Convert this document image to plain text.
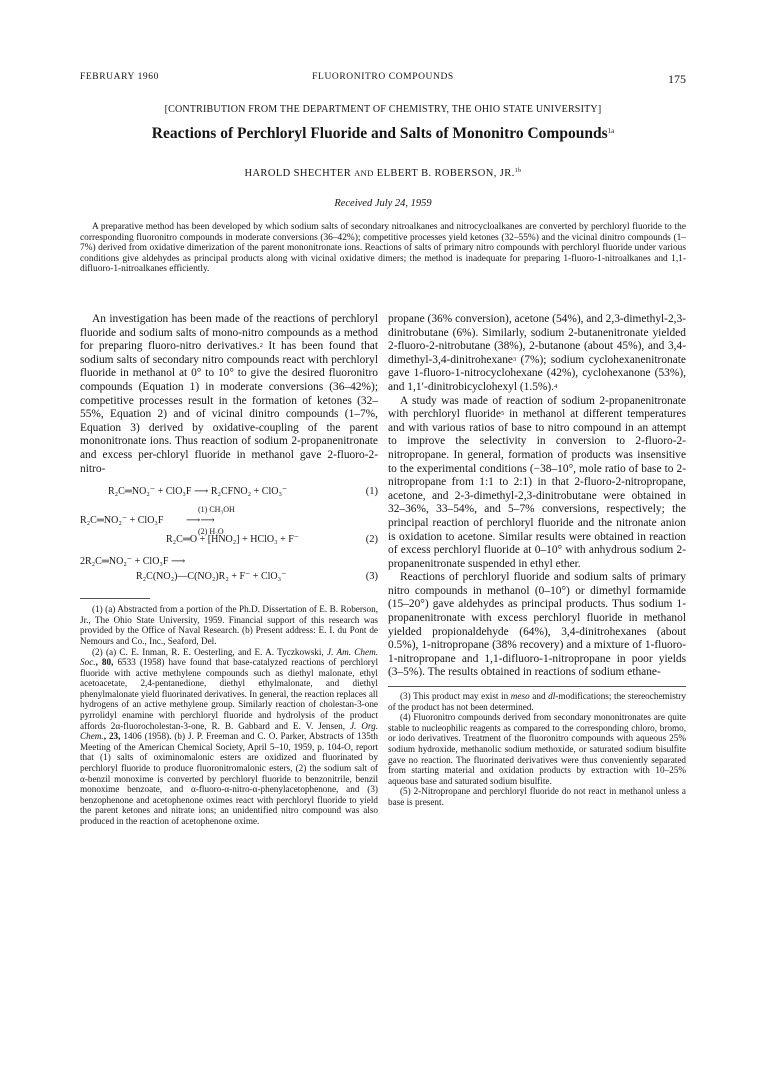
FEBRUARY 1960	FLUORONITRO COMPOUNDS	175
[CONTRIBUTION FROM THE DEPARTMENT OF CHEMISTRY, THE OHIO STATE UNIVERSITY]
Reactions of Perchloryl Fluoride and Salts of Mononitro Compounds$^{1a}$
HAROLD SHECHTER AND ELBERT B. ROBERSON, JR.$^{1b}$
Received July 24, 1959

A preparative method has been developed by which sodium salts of secondary nitroalkanes and nitrocycloalkanes are converted by perchloryl fluoride to the corresponding fluoronitro compounds in moderate conversions (36–42%); competitive processes yield ketones (32–55%) and the vicinal dinitro compounds (1–7%) derived from oxidative dimerization of the parent mononitronate ions. Reactions of salts of primary nitro compounds with perchloryl fluoride under various conditions give aldehydes as principal products along with vicinal oxidative dimers; the method is inadequate for preparing 1-fluoro-1-nitroalkanes and 1,1-difluoro-1-nitroalkanes efficiently.

An investigation has been made of the reactions of perchloryl fluoride and sodium salts of mono-nitro compounds as a method for preparing fluoro-nitro derivatives.$^2$ It has been found that sodium salts of secondary nitro compounds react with perchloryl fluoride in methanol at 0° to 10° to give the desired fluoronitro compounds (Equation 1) in moderate conversions (36–42%); competitive processes result in the formation of ketones (32–55%, Equation 2) and of vicinal dinitro compounds (1–7%, Equation 3) derived by oxidative-coupling of the parent mononitronate ions. Thus reaction of sodium 2-propanenitronate and excess per-chloryl fluoride in methanol gave 2-fluoro-2-nitro-

R₂C═NO₂⁻ + ClO₃F ⟶ R₂CFNO₂ + ClO₃⁻	(1)
(1) CH₃OH
R₂C═NO₂⁻ + ClO₃F ⟶⟶
(2) H₂O
R₂C═O + [HNO₂] + HClO₃ + F⁻	(2)
2R₂C═NO₂⁻ + ClO₃F ⟶
R₂C(NO₂)—C(NO₂)R₂ + F⁻ + ClO₃⁻	(3)

(1) (a) Abstracted from a portion of the Ph.D. Dissertation of E. B. Roberson, Jr., The Ohio State University, 1959. Financial support of this research was provided by the Office of Naval Research. (b) Present address: E. I. du Pont de Nemours and Co., Inc., Seaford, Del.

(2) (a) C. E. Inman, R. E. Oesterling, and E. A. Tyczkowski, J. Am. Chem. Soc., 80, 6533 (1958) have found that base-catalyzed reactions of perchloryl fluoride with active methylene compounds such as diethyl malonate, ethyl acetoacetate, 2,4-pentanedione, diethyl ethylmalonate, and diethyl phenylmalonate yield fluorinated derivatives. In general, the reaction replaces all hydrogens of an active methylene group. Similarly reaction of cholestan-3-one pyrrolidyl enamine with perchloryl fluoride and hydrolysis of the product affords 2α-fluorocholestan-3-one, R. B. Gabbard and E. V. Jensen, J. Org. Chem., 23, 1406 (1958). (b) J. P. Freeman and C. O. Parker, Abstracts of 135th Meeting of the American Chemical Society, April 5–10, 1959, p. 104-O, report that (1) salts of oximinomalonic esters are oxidized and fluorinated by perchloryl fluoride to produce fluoronitromalonic esters, (2) the sodium salt of α-benzil monoxime is converted by perchloryl fluoride to benzonitrile, benzil monoxime benzoate, and α-fluoro-α-nitro-α-phenylacetophenone, and (3) benzophenone and acetophenone oximes react with perchloryl fluoride to yield the parent ketones and nitrate ions; an unidentified nitro compound was also produced in the reaction of acetophenone oxime.

propane (36% conversion), acetone (54%), and 2,3-dimethyl-2,3-dinitrobutane (6%). Similarly, sodium 2-butanenitronate yielded 2-fluoro-2-nitrobutane (38%), 2-butanone (about 45%), and 3,4-dimethyl-3,4-dinitrohexane$^3$ (7%); sodium cyclohexanenitronate gave 1-fluoro-1-nitrocyclohexane (42%), cyclohexanone (53%), and 1,1′-dinitrobicyclohexyl (1.5%).$^4$

A study was made of reaction of sodium 2-propanenitronate with perchloryl fluoride$^5$ in methanol at different temperatures and with various ratios of base to nitro compound in an attempt to improve the selectivity in conversion to 2-fluoro-2-nitropropane. In general, formation of products was insensitive to the experimental conditions (−38–10°, mole ratio of base to 2-nitropropane from 1:1 to 2:1) in that 2-fluoro-2-nitropropane, acetone, and 2-3-dimethyl-2,3-dinitrobutane were obtained in 32–36%, 33–54%, and 5–7% conversions, respectively; the principal reaction of perchloryl fluoride and the nitronate anion is oxidation to acetone. Similar results were obtained in reaction of excess perchloryl fluoride at 0–10° with anhydrous sodium 2-propanenitronate suspended in ethyl ether.

Reactions of perchloryl fluoride and sodium salts of primary nitro compounds in methanol (0–10°) or dimethyl formamide (15–20°) gave aldehydes as principal products. Thus sodium 1-propanenitronate with excess perchloryl fluoride in methanol yielded propionaldehyde (64%), 3,4-dinitrohexanes (about 0.5%), 1-nitropropane (38% recovery) and a mixture of 1-fluoro-1-nitropropane and 1,1-difluoro-1-nitropropane in poor yields (3–5%). The results obtained in reactions of sodium ethane-

(3) This product may exist in meso and dl-modifications; the stereochemistry of the product has not been determined.

(4) Fluoronitro compounds derived from secondary mononitronates are quite stable to nucleophilic reagents as compared to the corresponding chloro, bromo, or iodo derivatives. Treatment of the fluoronitro compounds with aqueous 25% sodium hydroxide, methanolic sodium methoxide, or saturated sodium bisulfite gave no reaction. The fluorinated derivatives were thus conveniently separated from starting material and oxidation products by extraction with 10–25% aqueous base and saturated sodium bisulfite.

(5) 2-Nitropropane and perchloryl fluoride do not react in methanol unless a base is present.
